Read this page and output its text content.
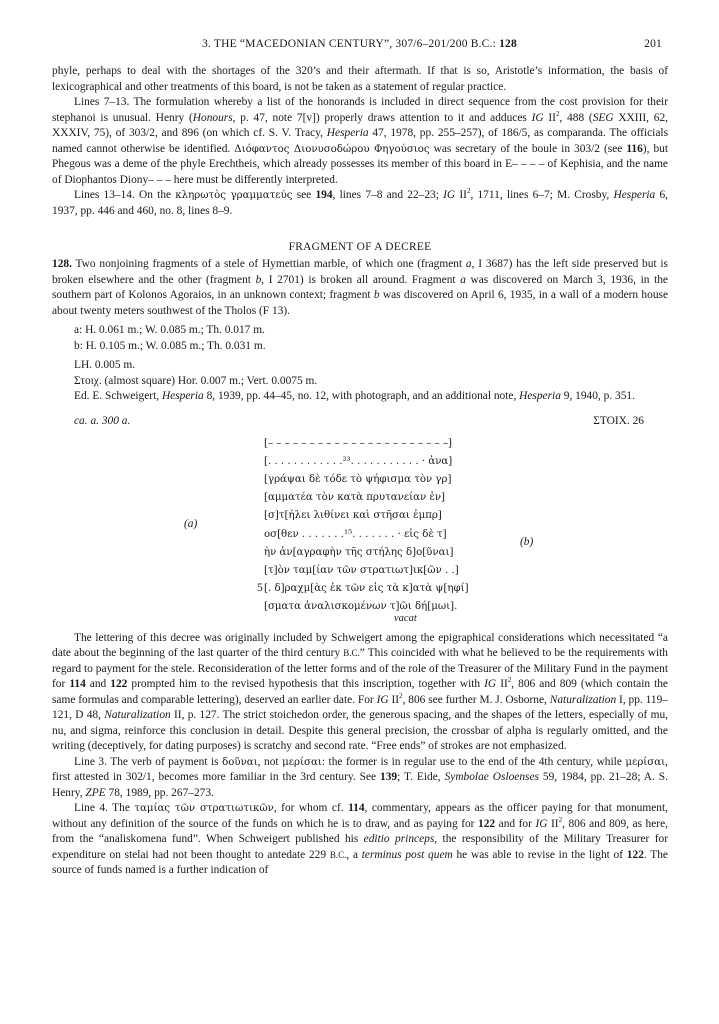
3. THE “MACEDONIAN CENTURY”, 307/6–201/200 B.C.: 128	201

phyle, perhaps to deal with the shortages of the 320’s and their aftermath. If that is so, Aristotle’s information, the basis of lexicographical and other treatments of this board, is not be taken as a statement of regular practice.

Lines 7–13. The formulation whereby a list of the honorands is included in direct sequence from the cost provision for their stephanoi is unusual. Henry (Honours, p. 47, note 7[v]) properly draws attention to it and adduces IG $II^2$, 488 (SEG XXIII, 62, XXXIV, 75), of 303/2, and 896 (on which cf. S. V. Tracy, Hesperia 47, 1978, pp. 255–257), of 186/5, as comparanda. The officials named cannot otherwise be identified. Διόφαντος Διονυσοδώρου Φηγούσιος was secretary of the boule in 303/2 (see 116), but Phegous was a deme of the phyle Erechtheis, which already possesses its member of this board in E– – – – of Kephisia, and the name of Diophantos Diony– – – here must be differently interpreted.

Lines 13–14. On the κληρωτὸς γραμματεύς see 194, lines 7–8 and 22–23; IG $II^2$, 1711, lines 6–7; M. Crosby, Hesperia 6, 1937, pp. 446 and 460, no. 8, lines 8–9.

FRAGMENT OF A DECREE

128. Two nonjoining fragments of a stele of Hymettian marble, of which one (fragment a, I 3687) has the left side preserved but is broken elsewhere and the other (fragment b, I 2701) is broken all around. Fragment a was discovered on March 3, 1936, in the southern part of Kolonos Agoraios, in an unknown context; fragment b was discovered on April 6, 1935, in a wall of a modern house about twenty meters southwest of the Tholos (F 13).

a: H. 0.061 m.; W. 0.085 m.; Th. 0.017 m.
b: H. 0.105 m.; W. 0.085 m.; Th. 0.031 m.
LH. 0.005 m.
Στοιχ. (almost square) Hor. 0.007 m.; Vert. 0.0075 m.

Ed. E. Schweigert, Hesperia 8, 1939, pp. 44–45, no. 12, with photograph, and an additional note, Hesperia 9, 1940, p. 351.

ca. a. 300 a.	ΣΤΟΙΧ. 26
(a)
(b)
5
[– – – – – – – – – – – – – – – – – – – – – –]
[. . . . . . . . . . . .²³. . . . . . . . . . . · ἀνα]
[γράψαι δὲ τόδε τὸ ψήφισμα τὸν γρ]
[αμματέα τὸν κατὰ πρυτανείαν ἐν]
[σ]τ[ήλει λιθίνει καὶ στῆσαι ἐμπρ]
οσ[θεν . . . . . . .¹⁵. . . . . . . · εἰς δὲ τ]
ὴν ἀν[αγραφὴν τῆς στήλης δ]ο[ῦναι]
[τ]ὸν ταμ[ίαν τῶν στρατιωτ]ικ[ῶν . .]
[. δ]ραχμ[ὰς ἐκ τῶν εἰς τὰ κ]ατὰ ψ[ηφί]
[σματα ἀναλισκομένων τ]ῶι δή[μωι].
vacat

The lettering of this decree was originally included by Schweigert among the epigraphical considerations which necessitated “a date about the beginning of the last quarter of the third century B.C.” This coincided with what he believed to be the requirements with regard to payment for the stele. Reconsideration of the letter forms and of the role of the Treasurer of the Military Fund in the payment for 114 and 122 prompted him to the revised hypothesis that this inscription, together with IG $II^2$, 806 and 809 (which contain the same formulas and comparable lettering), deserved an earlier date. For IG $II^2$, 806 see further M. J. Osborne, Naturalization I, pp. 119–121, D 48, Naturalization II, p. 127. The strict stoichedon order, the generous spacing, and the shapes of the letters, especially of mu, nu, and sigma, reinforce this conclusion in detail. Despite this general precision, the crossbar of alpha is regularly omitted, and the writing (deceptively, for dating purposes) is scratchy and second rate. “Free ends” of strokes are not emphasized.

Line 3. The verb of payment is δοῦναι, not μερίσαι: the former is in regular use to the end of the 4th century, while μερίσαι, first attested in 302/1, becomes more familiar in the 3rd century. See 139; T. Eide, Symbolae Osloenses 59, 1984, pp. 21–28; A. S. Henry, ZPE 78, 1989, pp. 267–273.

Line 4. The ταμίας τῶν στρατιωτικῶν, for whom cf. 114, commentary, appears as the officer paying for that monument, without any definition of the source of the funds on which he is to draw, and as paying for 122 and for IG $II^2$, 806 and 809, as here, from the “analiskomena fund”. When Schweigert published his editio princeps, the responsibility of the Military Treasurer for expenditure on stelai had not been thought to antedate 229 B.C., a terminus post quem he was able to revise in the light of 122. The source of funds named is a further indication of
